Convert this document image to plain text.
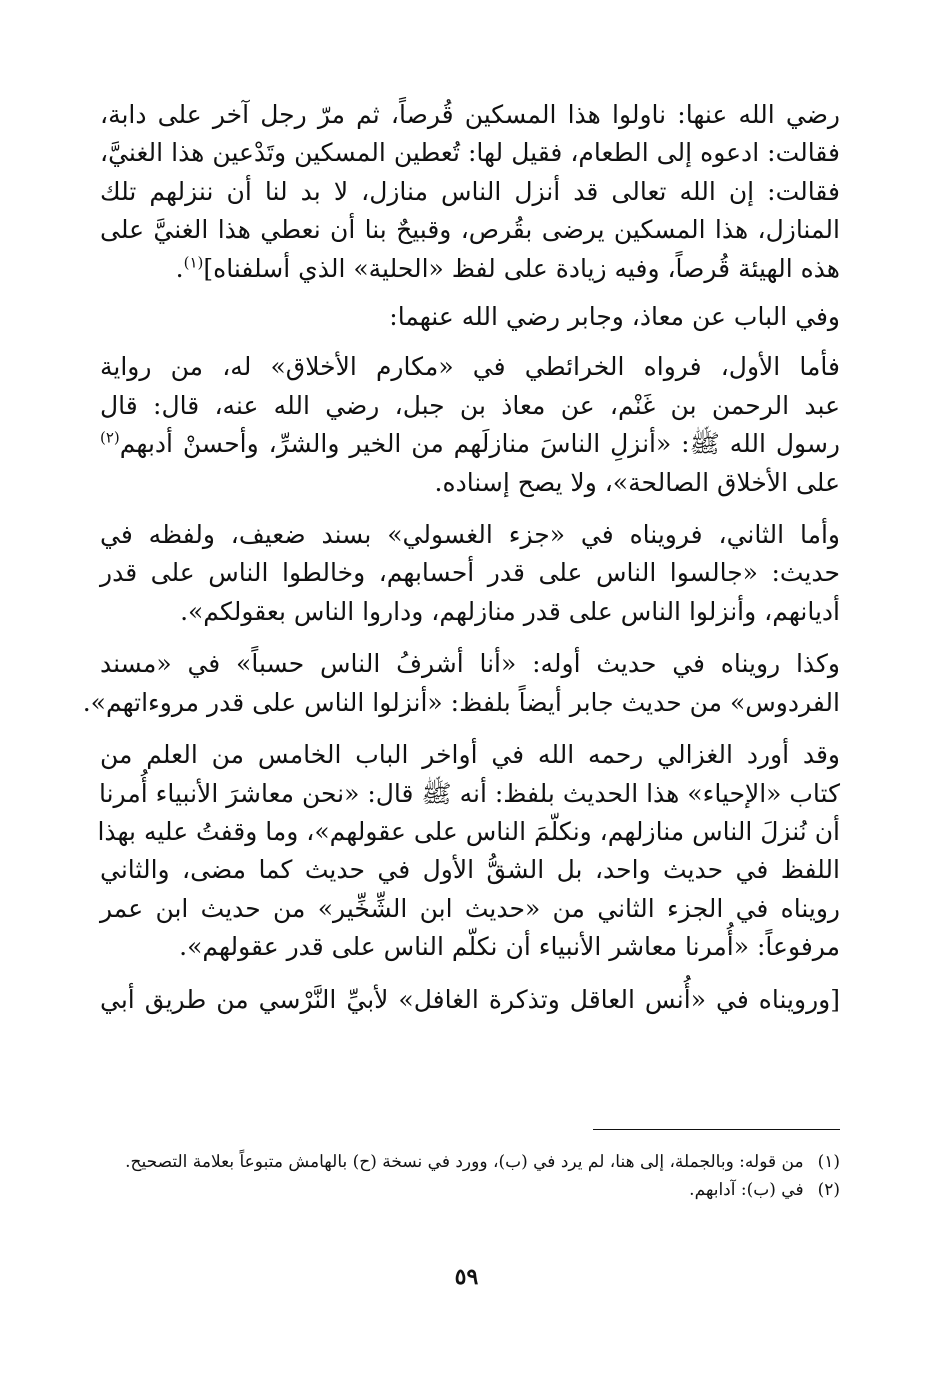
رضي الله عنها: ناولوا هذا المسكين قُرصاً، ثم مرّ رجل آخر على دابة،
فقالت: ادعوه إلى الطعام، فقيل لها: تُعطين المسكين وتَدْعين هذا الغنيَّ،
فقالت: إن الله تعالى قد أنزل الناس منازل، لا بد لنا أن ننزلهم تلك
المنازل، هذا المسكين يرضى بقُرص، وقبيحٌ بنا أن نعطي هذا الغنيَّ على
هذه الهيئة قُرصاً، وفيه زيادة على لفظ «الحلية» الذي أسلفناه]$^{(١)}$.
وفي الباب عن معاذ، وجابر رضي الله عنهما:
فأما الأول، فرواه الخرائطي في «مكارم الأخلاق» له، من رواية
عبد الرحمن بن غَنْم، عن معاذ بن جبل، رضي الله عنه، قال: قال
رسول الله ﷺ: «أنزلِ الناسَ منازلَهم من الخير والشرِّ، وأحسنْ أدبهم$^{(٢)}$
على الأخلاق الصالحة»، ولا يصح إسناده.
وأما الثاني، فرويناه في «جزء الغسولي» بسند ضعيف، ولفظه في
حديث: «جالسوا الناس على قدر أحسابهم، وخالطوا الناس على قدر
أديانهم، وأنزلوا الناس على قدر منازلهم، وداروا الناس بعقولكم».
وكذا رويناه في حديث أوله: «أنا أشرفُ الناس حسباً» في «مسند
الفردوس» من حديث جابر أيضاً بلفظ: «أنزلوا الناس على قدر مروءاتهم».
وقد أورد الغزالي رحمه الله في أواخر الباب الخامس من العلم من
كتاب «الإحياء» هذا الحديث بلفظ: أنه ﷺ قال: «نحن معاشرَ الأنبياء أُمرنا
أن نُنزلَ الناس منازلهم، ونكلّمَ الناس على عقولهم»، وما وقفتُ عليه بهذا
اللفظ في حديث واحد، بل الشقُّ الأول في حديث كما مضى، والثاني
رويناه في الجزء الثاني من «حديث ابن الشِّخِّير» من حديث ابن عمر
مرفوعاً: «أُمرنا معاشر الأنبياء أن نكلّم الناس على قدر عقولهم».
[ورويناه في «أُنس العاقل وتذكرة الغافل» لأبيِّ النَّرْسي من طريق أبي
(١)
من قوله: وبالجملة، إلى هنا، لم يرد في (ب)، وورد في نسخة (ح) بالهامش متبوعاً بعلامة التصحيح.
(٢)
في (ب): آدابهم.
٥٩
